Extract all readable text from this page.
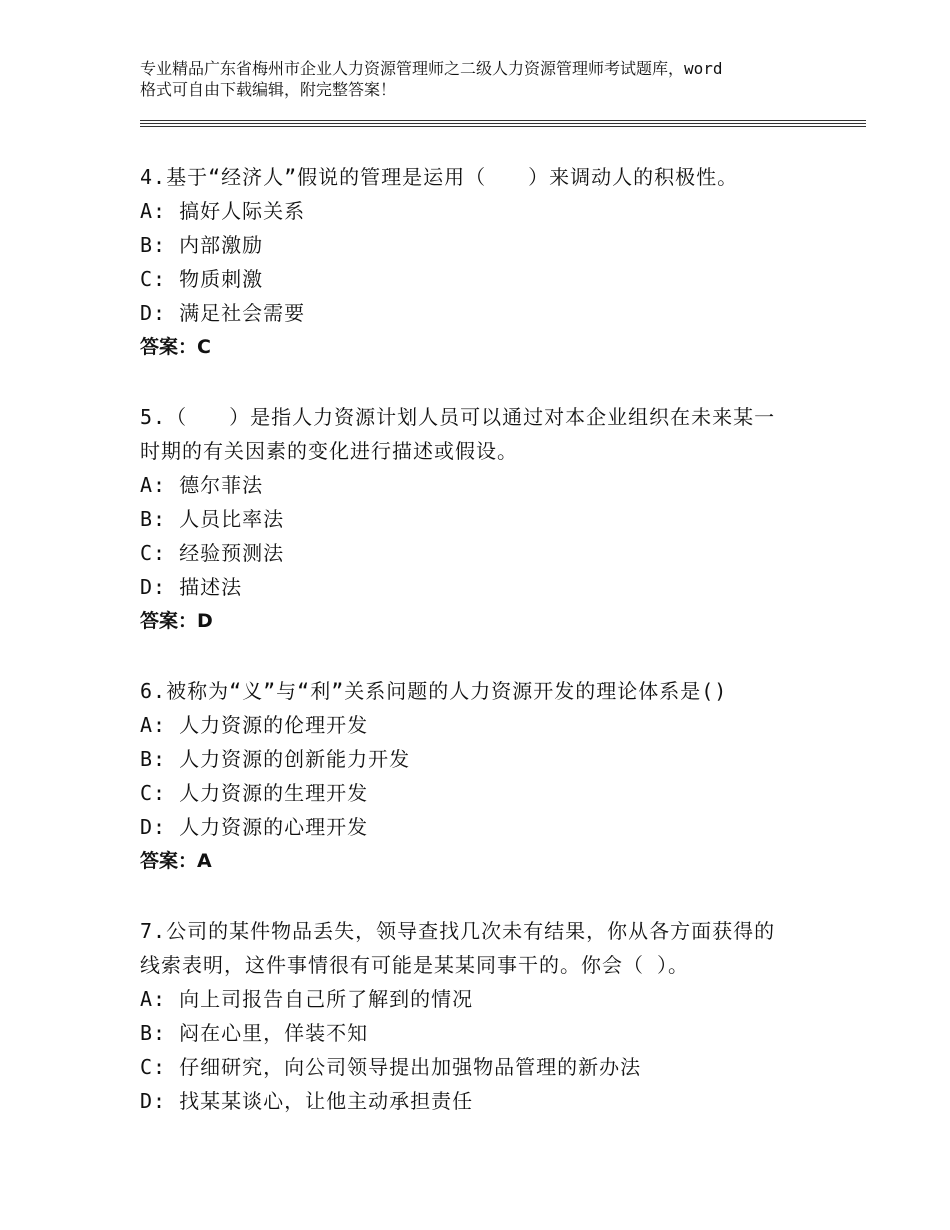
专业精品广东省梅州市企业人力资源管理师之二级人力资源管理师考试题库，word
格式可自由下载编辑，附完整答案！
4.基于“经济人”假说的管理是运用（　　）来调动人的积极性。
A: 搞好人际关系
B: 内部激励
C: 物质刺激
D: 满足社会需要
答案：C
5.（　　）是指人力资源计划人员可以通过对本企业组织在未来某一
时期的有关因素的变化进行描述或假设。
A: 德尔菲法
B: 人员比率法
C: 经验预测法
D: 描述法
答案：D
6.被称为“义”与“利”关系问题的人力资源开发的理论体系是()
A: 人力资源的伦理开发
B: 人力资源的创新能力开发
C: 人力资源的生理开发
D: 人力资源的心理开发
答案：A
7.公司的某件物品丢失，领导查找几次未有结果，你从各方面获得的
线索表明，这件事情很有可能是某某同事干的。你会（ ）。
A: 向上司报告自己所了解到的情况
B: 闷在心里，佯装不知
C: 仔细研究，向公司领导提出加强物品管理的新办法
D: 找某某谈心，让他主动承担责任
